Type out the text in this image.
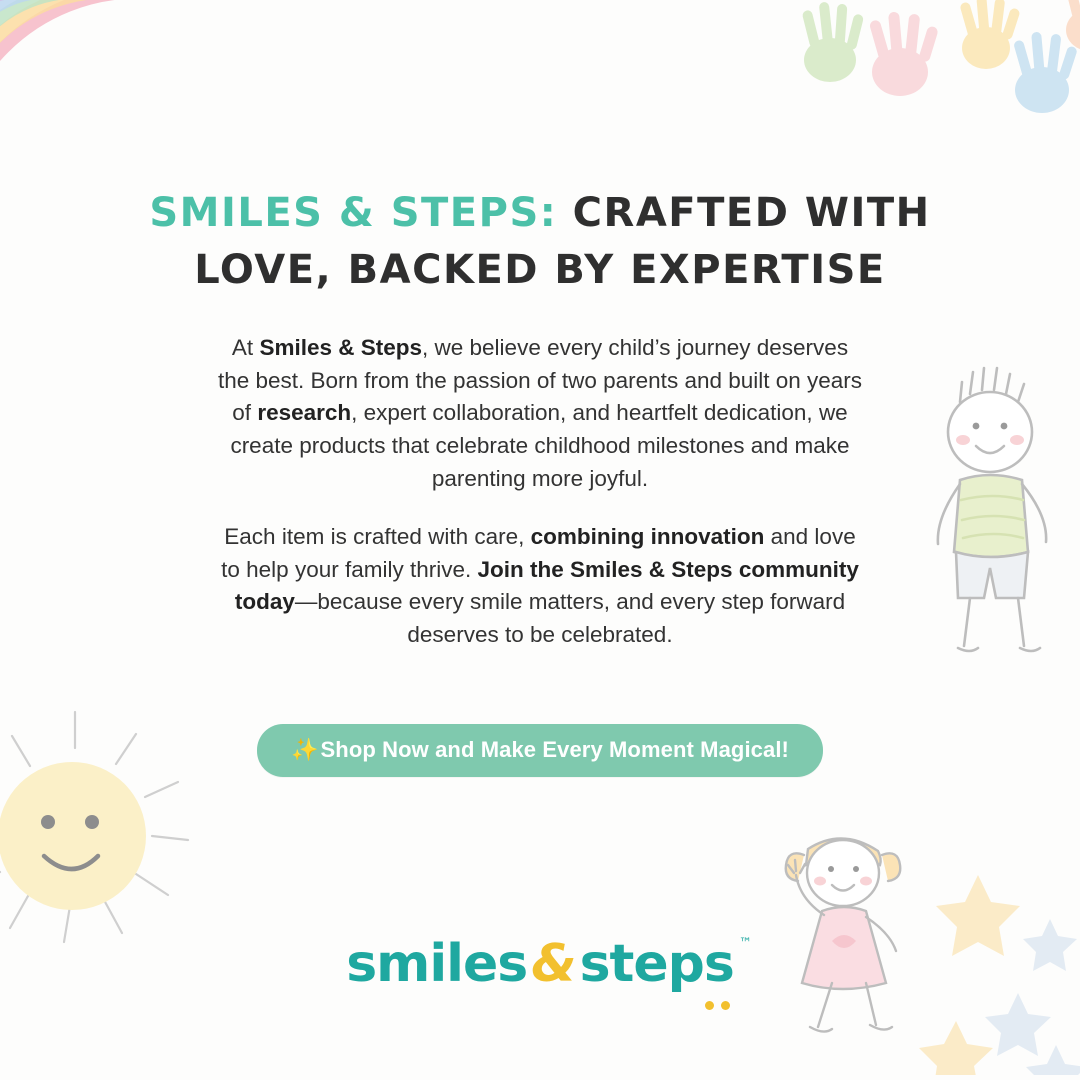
SMILES & STEPS: CRAFTED WITH
LOVE, BACKED BY EXPERTISE

At Smiles & Steps, we believe every child’s journey deserves the best. Born from the passion of two parents and built on years of research, expert collaboration, and heartfelt dedication, we create products that celebrate childhood milestones and make parenting more joyful.

Each item is crafted with care, combining innovation and love to help your family thrive. Join the Smiles & Steps community today—because every smile matters, and every step forward deserves to be celebrated.

✨Shop Now and Make Every Moment Magical!
smiles&steps ™
